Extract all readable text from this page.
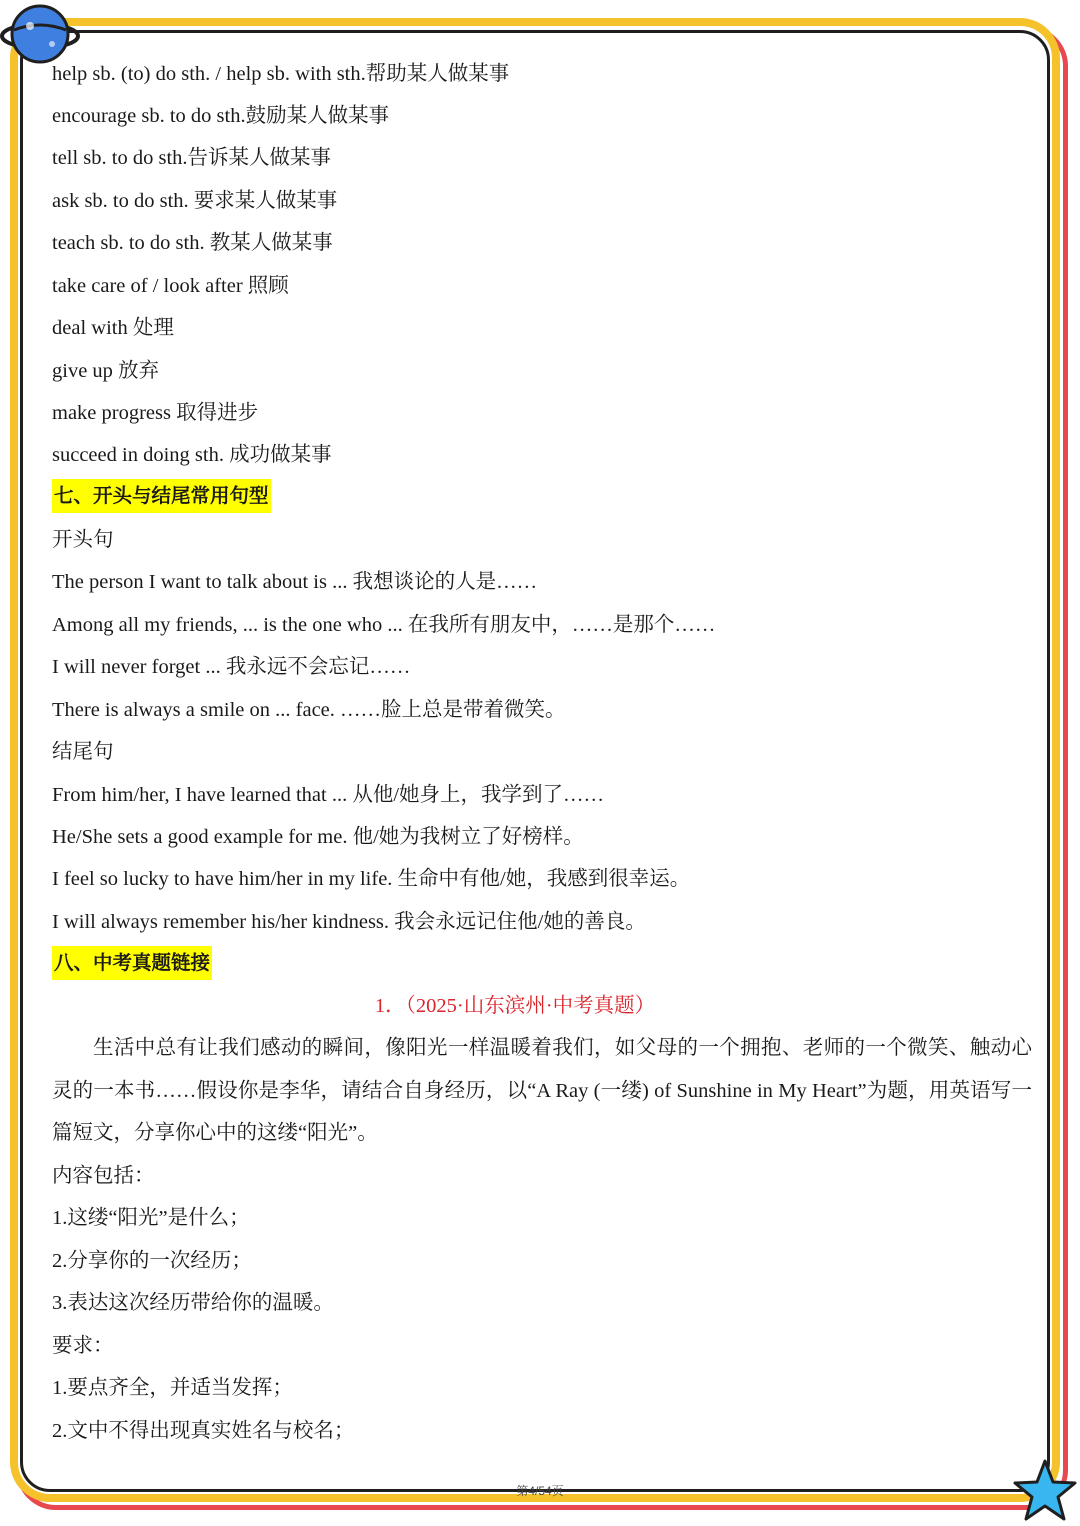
help sb. (to) do sth. / help sb. with sth.帮助某人做某事
encourage sb. to do sth.鼓励某人做某事
tell sb. to do sth.告诉某人做某事
ask sb. to do sth. 要求某人做某事
teach sb. to do sth. 教某人做某事
take care of / look after 照顾
deal with 处理
give up 放弃
make progress 取得进步
succeed in doing sth. 成功做某事
七、开头与结尾常用句型
开头句
The person I want to talk about is ... 我想谈论的人是……
Among all my friends, ... is the one who ... 在我所有朋友中，……是那个……
I will never forget ... 我永远不会忘记……
There is always a smile on ... face. ……脸上总是带着微笑。
结尾句
From him/her, I have learned that ... 从他/她身上，我学到了……
He/She sets a good example for me. 他/她为我树立了好榜样。
I feel so lucky to have him/her in my life. 生命中有他/她，我感到很幸运。
I will always remember his/her kindness. 我会永远记住他/她的善良。
八、中考真题链接
1．（2025·山东滨州·中考真题）
生活中总有让我们感动的瞬间，像阳光一样温暖着我们，如父母的一个拥抱、老师的一个微笑、触动心灵的一本书……假设你是李华，请结合自身经历，以“A Ray (一缕) of Sunshine in My Heart”为题，用英语写一篇短文，分享你心中的这缕“阳光”。
内容包括：
1.这缕“阳光”是什么；
2.分享你的一次经历；
3.表达这次经历带给你的温暖。
要求：
1.要点齐全，并适当发挥；
2.文中不得出现真实姓名与校名；
